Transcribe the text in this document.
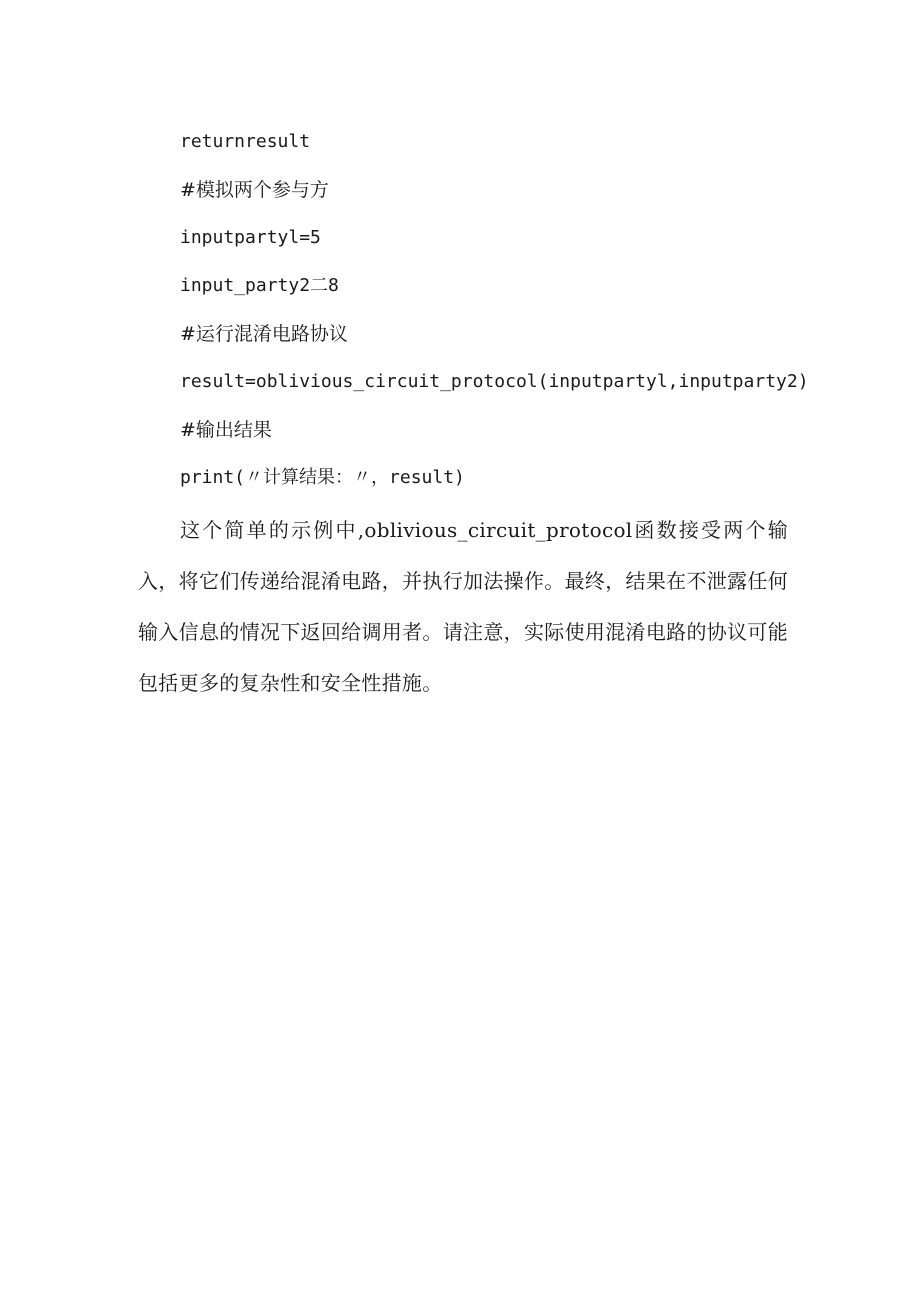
returnresult
#模拟两个参与方
inputpartyl=5
input_party2二8
#运行混淆电路协议
result=oblivious_circuit_protocol(inputpartyl,inputparty2)
#输出结果
print(〃计算结果：〃，result)
这个简单的示例中,oblivious_circuit_protocol函数接受两个输入，将它们传递给混淆电路，并执行加法操作。最终，结果在不泄露任何输入信息的情况下返回给调用者。请注意，实际使用混淆电路的协议可能包括更多的复杂性和安全性措施。
